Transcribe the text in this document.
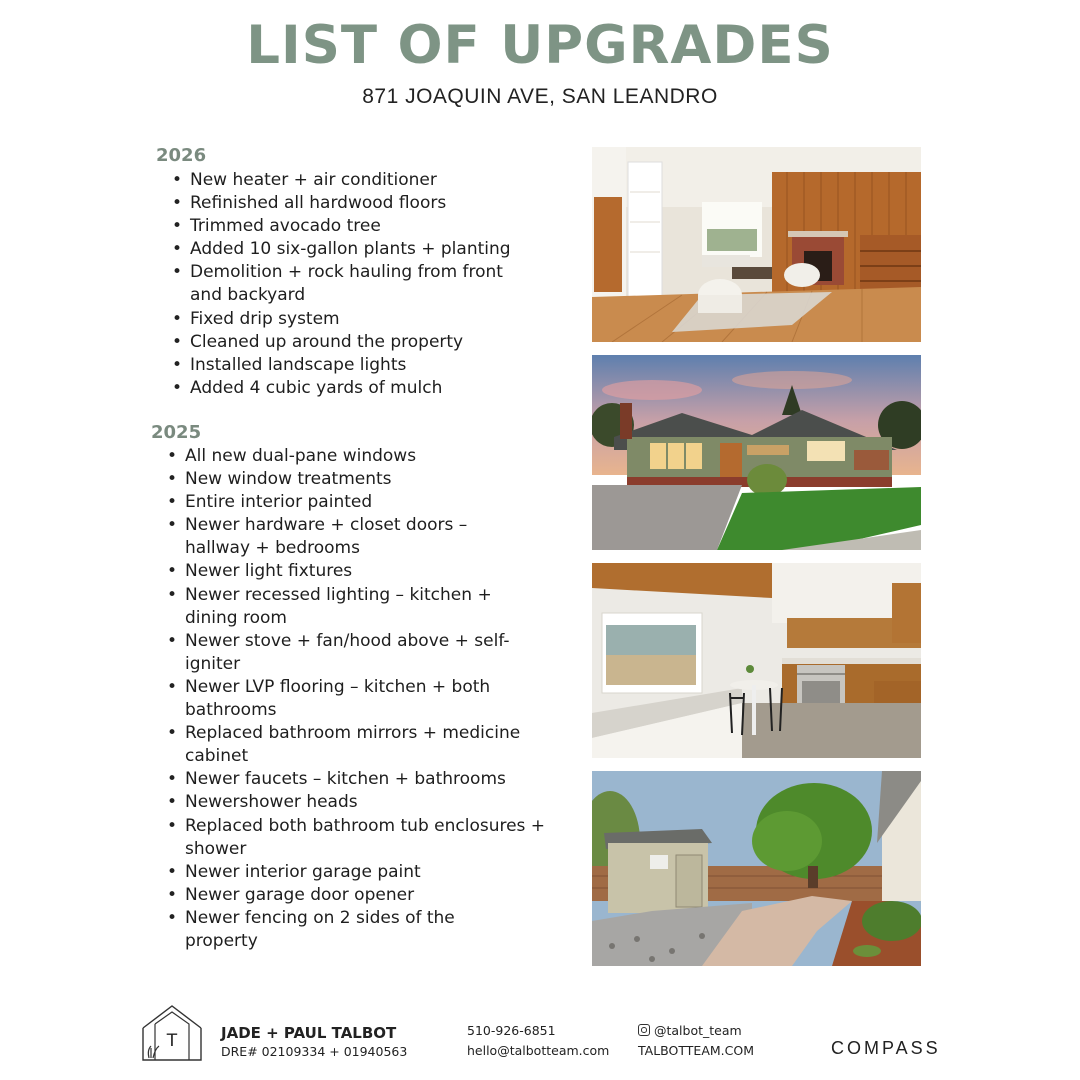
LIST OF UPGRADES
871 JOAQUIN AVE, SAN LEANDRO
2026
• New heater + air conditioner
• Refinished all hardwood floors
• Trimmed avocado tree
• Added 10 six-gallon plants + planting
• Demolition + rock hauling from front and backyard
• Fixed drip system
• Cleaned up around the property
• Installed landscape lights
• Added 4 cubic yards of mulch
2025
• All new dual-pane windows
• New window treatments
• Entire interior painted
• Newer hardware + closet doors – hallway + bedrooms
• Newer light fixtures
• Newer recessed lighting – kitchen + dining room
• Newer stove + fan/hood above + self-igniter
• Newer LVP flooring – kitchen + both bathrooms
• Replaced bathroom mirrors + medicine cabinet
• Newer faucets – kitchen + bathrooms
• Newershower heads
• Replaced both bathroom tub enclosures + shower
• Newer interior garage paint
• Newer garage door opener
• Newer fencing on 2 sides of the property
T	JADE + PAUL TALBOT
DRE# 02109334 + 01940563
510-926-6851
hello@talbotteam.com
@talbot_team
TALBOTTEAM.COM	COMPASS
